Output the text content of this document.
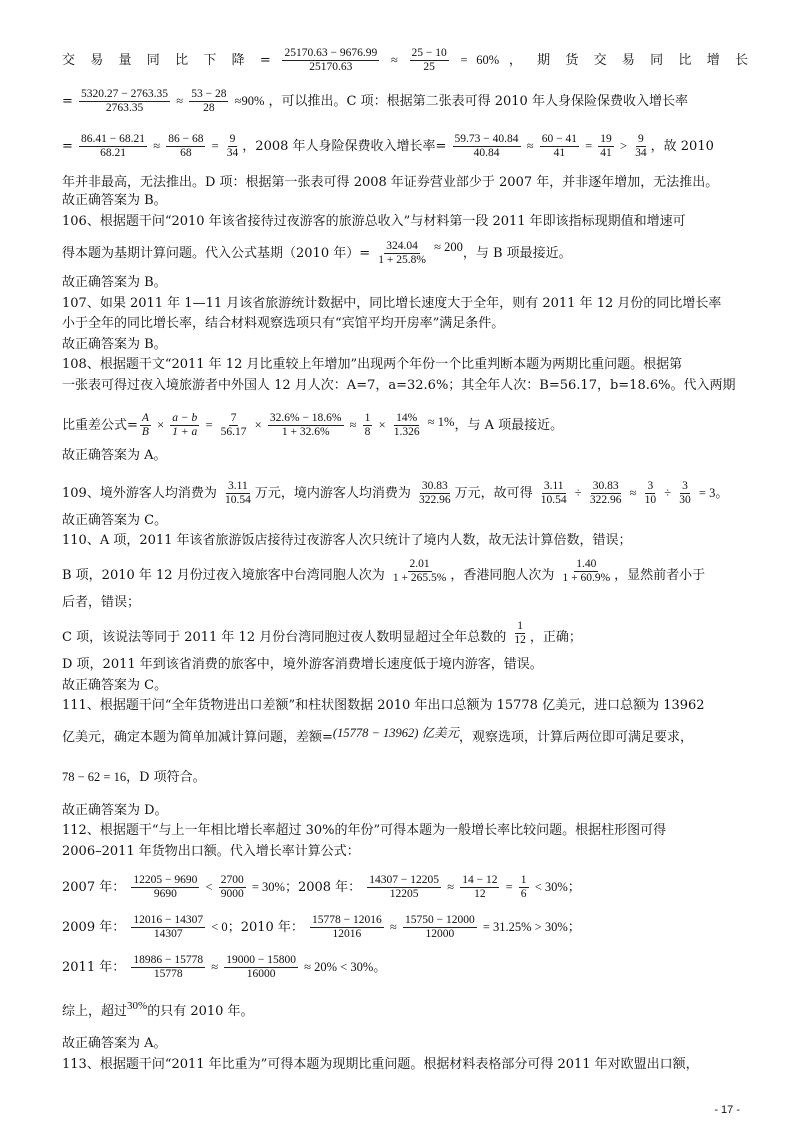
交 易 量 同 比 下 降 = $\frac{25170.63 - 9676.99}{25170.63} \approx \frac{25 - 10}{25} = 60\%$ ， 期 货 交 易 同 比 增 长
= $\frac{5320.27 - 2763.35}{2763.35} \approx \frac{53 - 28}{28} \approx 90\%$ ，可以推出。C 项：根据第二张表可得 2010 年人身保险保费收入增长率
= $\frac{86.41 - 68.21}{68.21} \approx \frac{86 - 68}{68} = \frac{9}{34}$ ，2008 年人身险保费收入增长率= $\frac{59.73 - 40.84}{40.84} \approx \frac{60 - 41}{41} = \frac{19}{41} > \frac{9}{34}$ ，故 2010
年并非最高，无法推出。D 项：根据第一张表可得 2008 年证券营业部少于 2007 年，并非逐年增加，无法推出。
故正确答案为 B。
106、根据题干问“2010 年该省接待过夜游客的旅游总收入”与材料第一段 2011 年即该指标现期值和增速可
得本题为基期计算问题。代入公式基期（2010 年）= $\frac{324.04}{1 + 25.8\%} \approx 200$，与 B 项最接近。
故正确答案为 B。
107、如果 2011 年 1—11 月该省旅游统计数据中，同比增长速度大于全年，则有 2011 年 12 月份的同比增长率
小于全年的同比增长率，结合材料观察选项只有“宾馆平均开房率”满足条件。
故正确答案为 B。
108、根据题干文“2011 年 12 月比重较上年增加”出现两个年份一个比重判断本题为两期比重问题。根据第
一张表可得过夜入境旅游者中外国人 12 月人次：A=7，a=32.6%；其全年人次：B=56.17，b=18.6%。代入两期
比重差公式= $\frac{A}{B} \times \frac{a - b}{1 + a} = \frac{7}{56.17} \times \frac{32.6\% - 18.6\%}{1 + 32.6\%} \approx \frac{1}{8} \times \frac{14\%}{1.326} \approx 1\%$，与 A 项最接近。
故正确答案为 A。
109、境外游客人均消费为 $\frac{3.11}{10.54}$ 万元，境内游客人均消费为 $\frac{30.83}{322.96}$ 万元，故可得 $\frac{3.11}{10.54} \div \frac{30.83}{322.96} \approx \frac{3}{10} \div \frac{3}{30} = 3$。
故正确答案为 C。
110、A 项，2011 年该省旅游饭店接待过夜游客人次只统计了境内人数，故无法计算倍数，错误；
B 项，2010 年 12 月份过夜入境旅客中台湾同胞人次为 $\frac{2.01}{1 + 265.5\%}$ ，香港同胞人次为 $\frac{1.40}{1 + 60.9\%}$ ，显然前者小于
后者，错误；
C 项，该说法等同于 2011 年 12 月份台湾同胞过夜人数明显超过全年总数的 $\frac{1}{12}$ ，正确；
D 项，2011 年到该省消费的旅客中，境外游客消费增长速度低于境内游客，错误。
故正确答案为 C。
111、根据题干问“全年货物进出口差额”和柱状图数据 2010 年出口总额为 15778 亿美元，进口总额为 13962
亿美元，确定本题为简单加减计算问题，差额=(15778 − 13962) 亿美元，观察选项，计算后两位即可满足要求，
78 − 62 = 16，D 项符合。
故正确答案为 D。
112、根据题干“与上一年相比增长率超过 30%的年份”可得本题为一般增长率比较问题。根据柱形图可得
2006–2011 年货物出口额。代入增长率计算公式：
2007 年： $\frac{12205 - 9690}{9690} < \frac{2700}{9000} = 30\%$；2008 年： $\frac{14307 - 12205}{12205} \approx \frac{14 - 12}{12} = \frac{1}{6} < 30\%$；
2009 年： $\frac{12016 - 14307}{14307} < 0$；2010 年： $\frac{15778 - 12016}{12016} \approx \frac{15750 - 12000}{12000} = 31.25\% > 30\%$；
2011 年： $\frac{18986 - 15778}{15778} \approx \frac{19000 - 15800}{16000} \approx 20\% < 30\%$。
综上，超过$^{30\%}$的只有 2010 年。
故正确答案为 A。
113、根据题干问“2011 年比重为”可得本题为现期比重问题。根据材料表格部分可得 2011 年对欧盟出口额，
- 17 -
